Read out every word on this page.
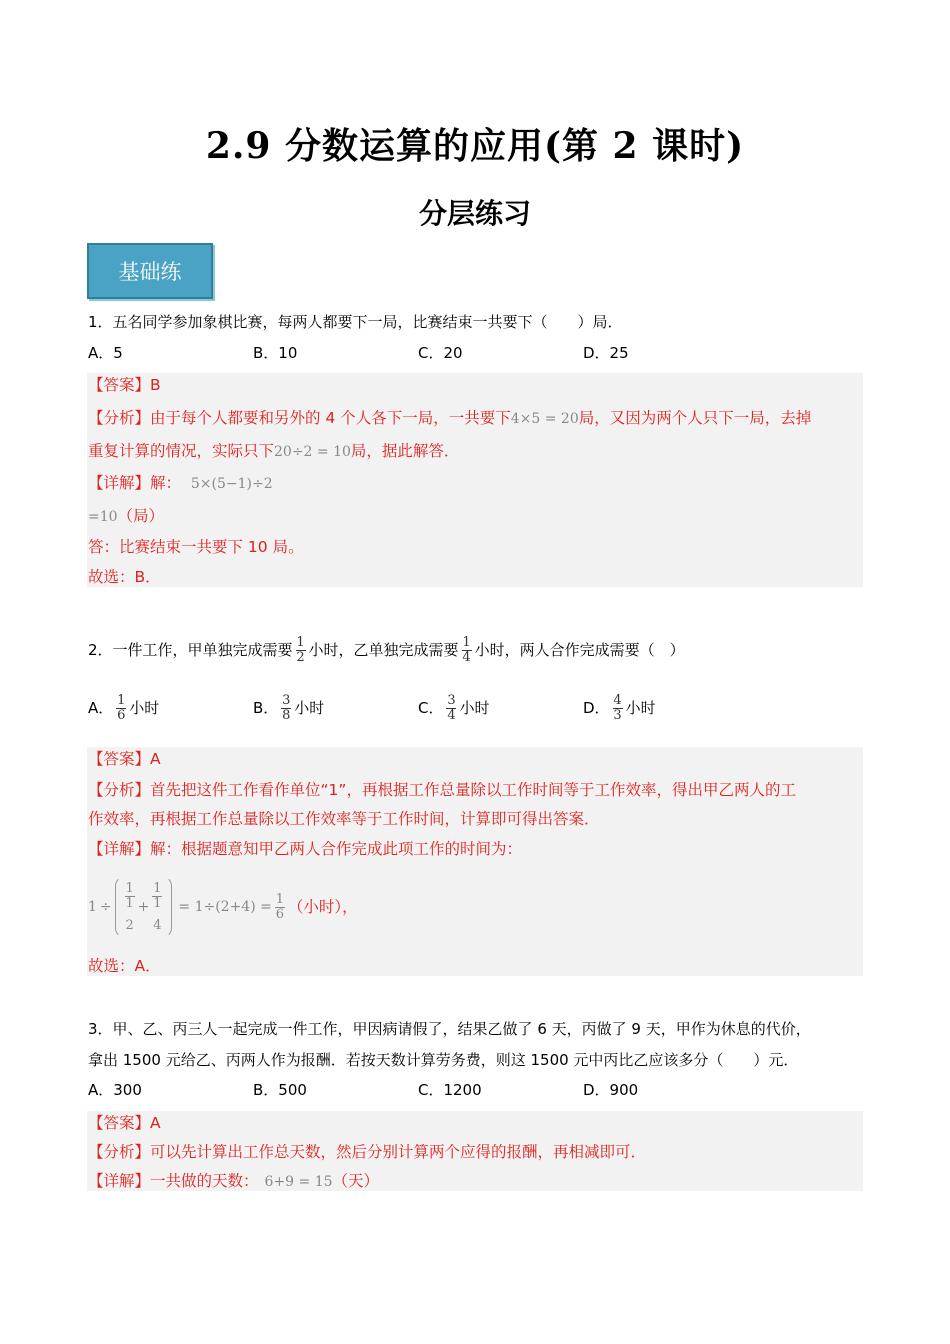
2.9 分数运算的应用(第 2 课时)
分层练习
基础练
1．五名同学参加象棋比赛，每两人都要下一局，比赛结束一共要下（　　）局．
A．5	B．10	C．20	D．25
【答案】B
【分析】由于每个人都要和另外的 4 个人各下一局，一共要下4×5 = 20局，又因为两个人只下一局，去掉
重复计算的情况，实际只下20÷2 = 10局，据此解答．
【详解】解： 5×(5−1)÷2
=10（局）
答：比赛结束一共要下 10 局。
故选：B．
2．一件工作，甲单独完成需要 $\frac{1}{2}$ 小时，乙单独完成需要 $\frac{1}{4}$ 小时，两人合作完成需要（　）
A． $\frac{1}{6}$ 小时	B． $\frac{3}{8}$ 小时	C． $\frac{3}{4}$ 小时	D． $\frac{4}{3}$ 小时
【答案】A
【分析】首先把这件工作看作单位“1”，再根据工作总量除以工作时间等于工作效率，得出甲乙两人的工
作效率，再根据工作总量除以工作效率等于工作时间，计算即可得出答案．
【详解】解：根据题意知甲乙两人合作完成此项工作的时间为：
1 ÷
1
1
2
+
1
1
4
= $1\div(2+4) = \frac{1}{6}$ （小时），
故选：A．
3．甲、乙、丙三人一起完成一件工作，甲因病请假了，结果乙做了 6 天，丙做了 9 天，甲作为休息的代价，
拿出 1500 元给乙、丙两人作为报酬．若按天数计算劳务费，则这 1500 元中丙比乙应该多分（　　）元．
A．300	B．500	C．1200	D．900
【答案】A
【分析】可以先计算出工作总天数，然后分别计算两个应得的报酬，再相减即可．
【详解】一共做的天数： 6+9 = 15（天）
